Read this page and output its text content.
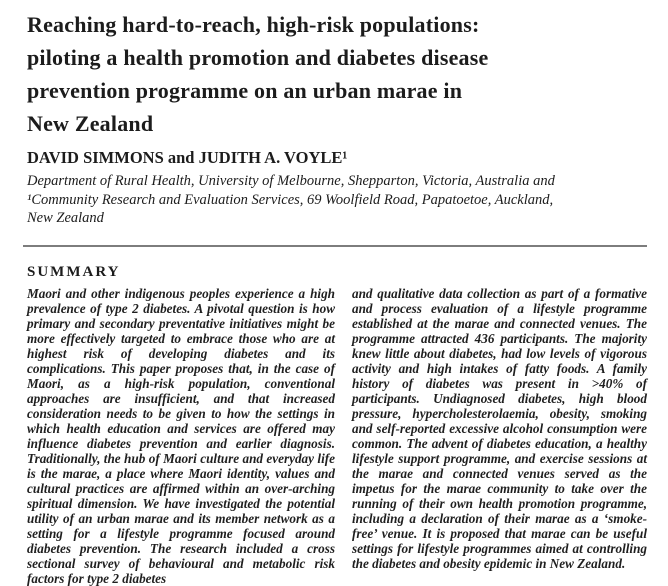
Reaching hard-to-reach, high-risk populations:
piloting a health promotion and diabetes disease
prevention programme on an urban marae in
New Zealand
DAVID SIMMONS and JUDITH A. VOYLE¹
Department of Rural Health, University of Melbourne, Shepparton, Victoria, Australia and
¹Community Research and Evaluation Services, 69 Woolfield Road, Papatoetoe, Auckland,
New Zealand
SUMMARY
Maori and other indigenous peoples experience a high prevalence of type 2 diabetes. A pivotal question is how primary and secondary preventative initiatives might be more effectively targeted to embrace those who are at highest risk of developing diabetes and its complications. This paper proposes that, in the case of Maori, as a high-risk population, conventional approaches are insufficient, and that increased consideration needs to be given to how the settings in which health education and services are offered may influence diabetes prevention and earlier diagnosis. Traditionally, the hub of Maori culture and everyday life is the marae, a place where Maori identity, values and cultural practices are affirmed within an over-arching spiritual dimension. We have investigated the potential utility of an urban marae and its member network as a setting for a lifestyle programme focused around diabetes prevention. The research included a cross sectional survey of behavioural and metabolic risk factors for type 2 diabetes
and qualitative data collection as part of a formative and process evaluation of a lifestyle programme established at the marae and connected venues. The programme attracted 436 participants. The majority knew little about diabetes, had low levels of vigorous activity and high intakes of fatty foods. A family history of diabetes was present in >40% of participants. Undiagnosed diabetes, high blood pressure, hypercholesterolaemia, obesity, smoking and self-reported excessive alcohol consumption were common. The advent of diabetes education, a healthy lifestyle support programme, and exercise sessions at the marae and connected venues served as the impetus for the marae community to take over the running of their own health promotion programme, including a declaration of their marae as a ‘smoke-free’ venue. It is proposed that marae can be useful settings for lifestyle programmes aimed at controlling the diabetes and obesity epidemic in New Zealand.
